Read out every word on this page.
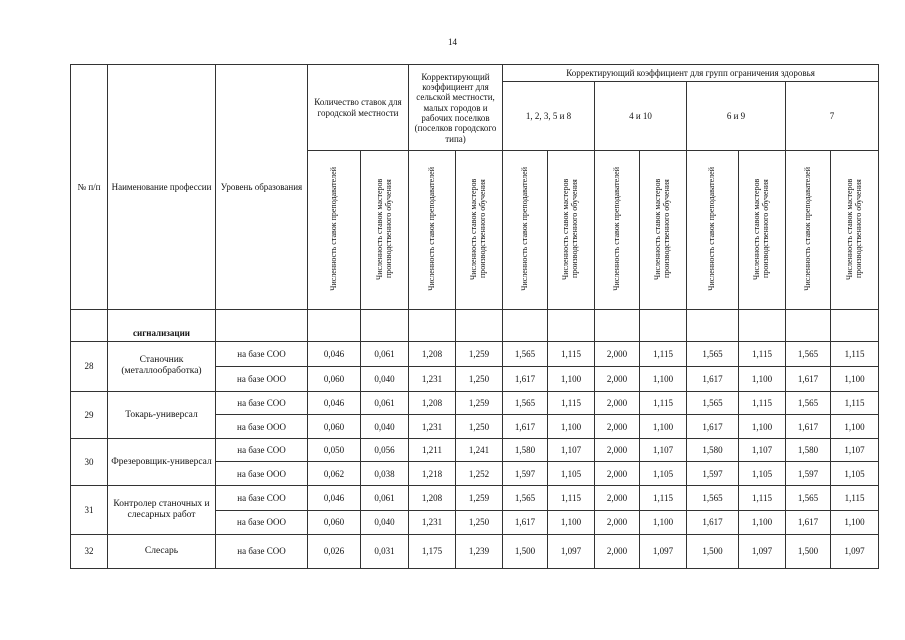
14
№ п/п	Наименование профессии	Уровень образования	Количество ставок для городской местности		Корректирующий коэффициент для сельской местности, малых городов и рабочих поселков (поселков городского типа)		Корректирующий коэффициент для групп ограничения здоровья							
							1, 2, 3, 5 и 8		4 и 10		6 и 9		7	
			Численность ставок преподавателей	Численность ставок мастеров производственного обучения	Численность ставок преподавателей	Численность ставок мастеров производственного обучения	Численность ставок преподавателей	Численность ставок мастеров производственного обучения	Численность ставок преподавателей	Численность ставок мастеров производственного обучения	Численность ставок преподавателей	Численность ставок мастеров производственного обучения	Численность ставок преподавателей	Численность ставок мастеров производственного обучения
	сигнализации													
28	Станочник (металлообработка)	на базе СОО	0,046	0,061	1,208	1,259	1,565	1,115	2,000	1,115	1,565	1,115	1,565	1,115
		на базе ООО	0,060	0,040	1,231	1,250	1,617	1,100	2,000	1,100	1,617	1,100	1,617	1,100
29	Токарь-универсал	на базе СОО	0,046	0,061	1,208	1,259	1,565	1,115	2,000	1,115	1,565	1,115	1,565	1,115
		на базе ООО	0,060	0,040	1,231	1,250	1,617	1,100	2,000	1,100	1,617	1,100	1,617	1,100
30	Фрезеровщик-универсал	на базе СОО	0,050	0,056	1,211	1,241	1,580	1,107	2,000	1,107	1,580	1,107	1,580	1,107
		на базе ООО	0,062	0,038	1,218	1,252	1,597	1,105	2,000	1,105	1,597	1,105	1,597	1,105
31	Контролер станочных и слесарных работ	на базе СОО	0,046	0,061	1,208	1,259	1,565	1,115	2,000	1,115	1,565	1,115	1,565	1,115
		на базе ООО	0,060	0,040	1,231	1,250	1,617	1,100	2,000	1,100	1,617	1,100	1,617	1,100
32	Слесарь	на базе СОО	0,026	0,031	1,175	1,239	1,500	1,097	2,000	1,097	1,500	1,097	1,500	1,097
